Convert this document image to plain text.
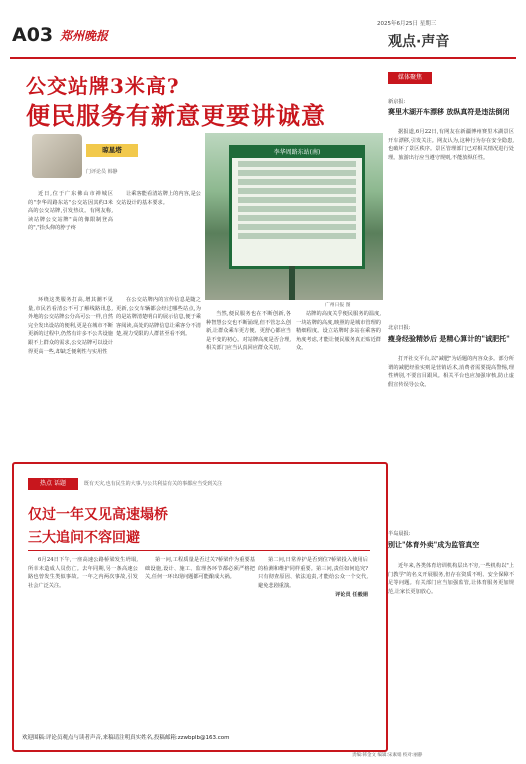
A03 郑州晚报
2025年6月25日 星期三
观点·声音
公交站牌3米高?
便民服务有新意更要讲诚意
晾星塔
门评论员 韩静
李华周路东站(南)
广州日报 图

近日,位于广东佛山市禅城区的"李华周路东站"公交站因其约3米高的公交站牌,引发热议。有网友称,读站牌公交站牌"高的像限制登高的","抬头仰的脖子疼

让乘客能看清站牌上的内容,是公交站设计的基本要求。

环绕这类服务打高,增其潮不见量,市民若看清公不可了解线路讯息,外地的公交站牌公分高可公一样,自然完全发出设站的便利,更是在城市不断更新的过程中,仍然有许多不公共设施跟不上群众的需求,公交站牌可以设计得更高一些,却缺乏便利性与实用性

在公交站牌内的宣传信息是随之更新,公交车辆都会经过哪些站点,为的是站牌清楚明白的展示信息,便于乘客阅读,高处的站牌信息让乘客分不清楚,视力受限的人群甚至看不到。

当然,便民服务也在不断创新,各种智慧公交也不断涌现,但不管怎么创新,让群众乘车更方便、更舒心都应当是不变的初心。对站牌高度是否合理,相关部门应当认真回应群众关切。

站牌的高度关乎便民服务的温度,一块站牌的高度,映照的是城市管理的精细程度。设立站牌时多站在乘客的角度考虑,才能让便民服务真正贴近群众。

媒体聚焦
新京报:
赛里木湖开车漂移 放纵真符是违法倒闭

据报道,6月22日,有网友在新疆博州赛里木湖景区开车漂移,引发关注。网友认为,这种行为存在安全隐患,也破坏了景区秩序。景区管理部门已对相关情况进行处理。旅游出行应当遵守规则,不能放纵任性。

北京日报:
瘦身经验精妙后 是精心算计的"诚肥托"

打开社交平台,以"减肥"为话题的内容众多。部分所谓的减肥经验实则是营销话术,消费者需要提高警惕,理性辨别,不要盲目跟风。相关平台也应加强审核,防止虚假宣传误导公众。

半岛晨报:
别让"体育外卖"成为监管真空

近年来,各类体育培训机构层出不穷,一些机构以"上门教学"的名义开展服务,但存在资质不明、安全保障不足等问题。有关部门应当加强监管,让体育服务更加规范,让家长更加放心。

热点 话题	既有天灾,也有民生的大事,与公共利益有关的事都应当受到关注
仅过一年又见高速塌桥
三大追问不容回避

6月24日下午,一座高速公路桥梁发生坍塌,所幸未造成人员伤亡。去年同期,另一条高速公路也曾发生类似事故。一年之内两次事故,引发社会广泛关注。

第一问,工程质量是否过关?桥梁作为重要基础设施,设计、施工、监理各环节都必须严格把关,任何一环出现问题都可能酿成大祸。

第二问,日常养护是否到位?桥梁投入使用后的检测和维护同样重要。第三问,责任如何追究?只有彻查原因、依法追责,才能给公众一个交代,避免悲剧重演。

评论员 任毅娟

欢迎围稿:评论员观点与读者声音,来稿请注明真实姓名,投稿邮箱:zzwbplb@163.com
责编:韩金文 编辑:宋素娟 校对:丽静
